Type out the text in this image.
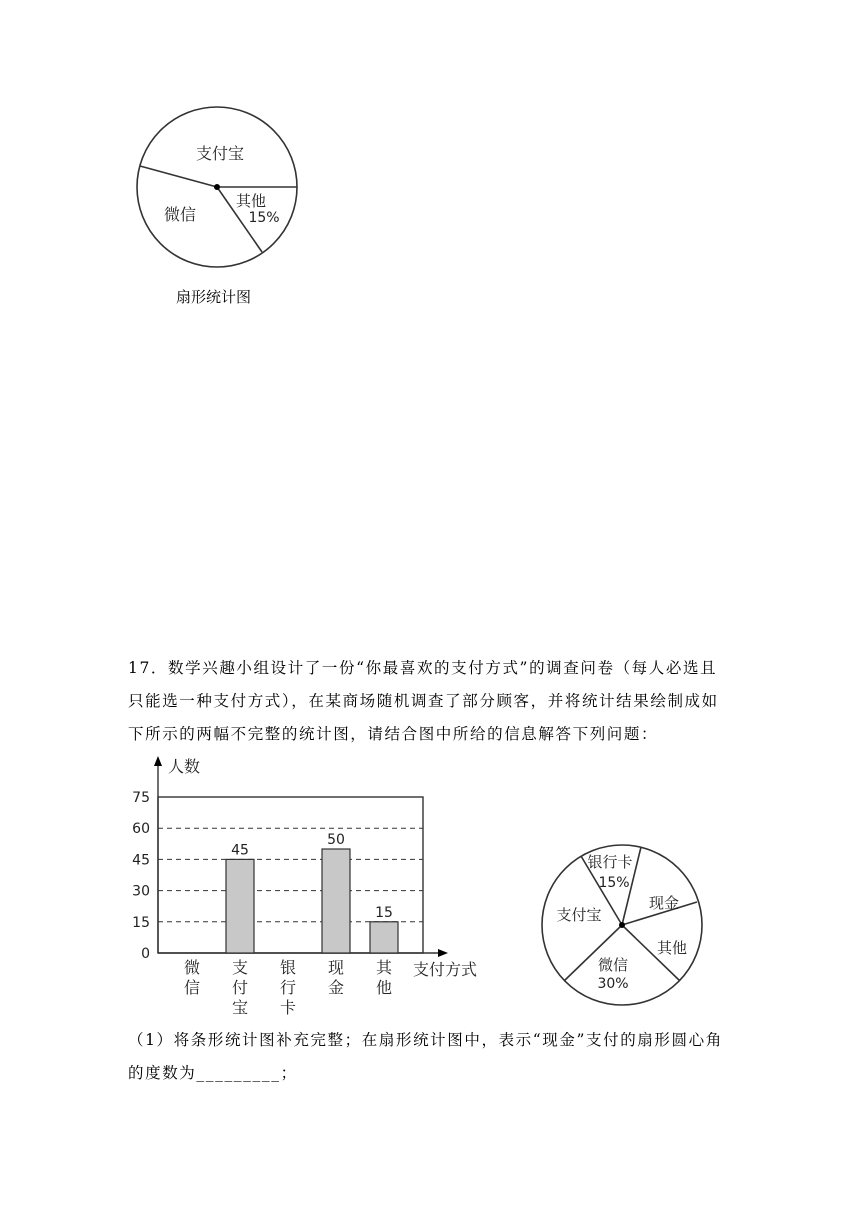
支付宝
微信
其他
15%
扇形统计图
17．数学兴趣小组设计了一份“你最喜欢的支付方式”的调查问卷（每人必选且只能选一种支付方式），在某商场随机调查了部分顾客，并将统计结果绘制成如下所示的两幅不完整的统计图，请结合图中所给的信息解答下列问题：
0
15
30
45
60
75
人数
支付方式
微
信
45
支
付
宝
银
行
卡
50
现
金
15
其
他
银行卡
15%
现金
其他
微信
30%
支付宝
（1）将条形统计图补充完整；在扇形统计图中，表示“现金”支付的扇形圆心角的度数为_________；
